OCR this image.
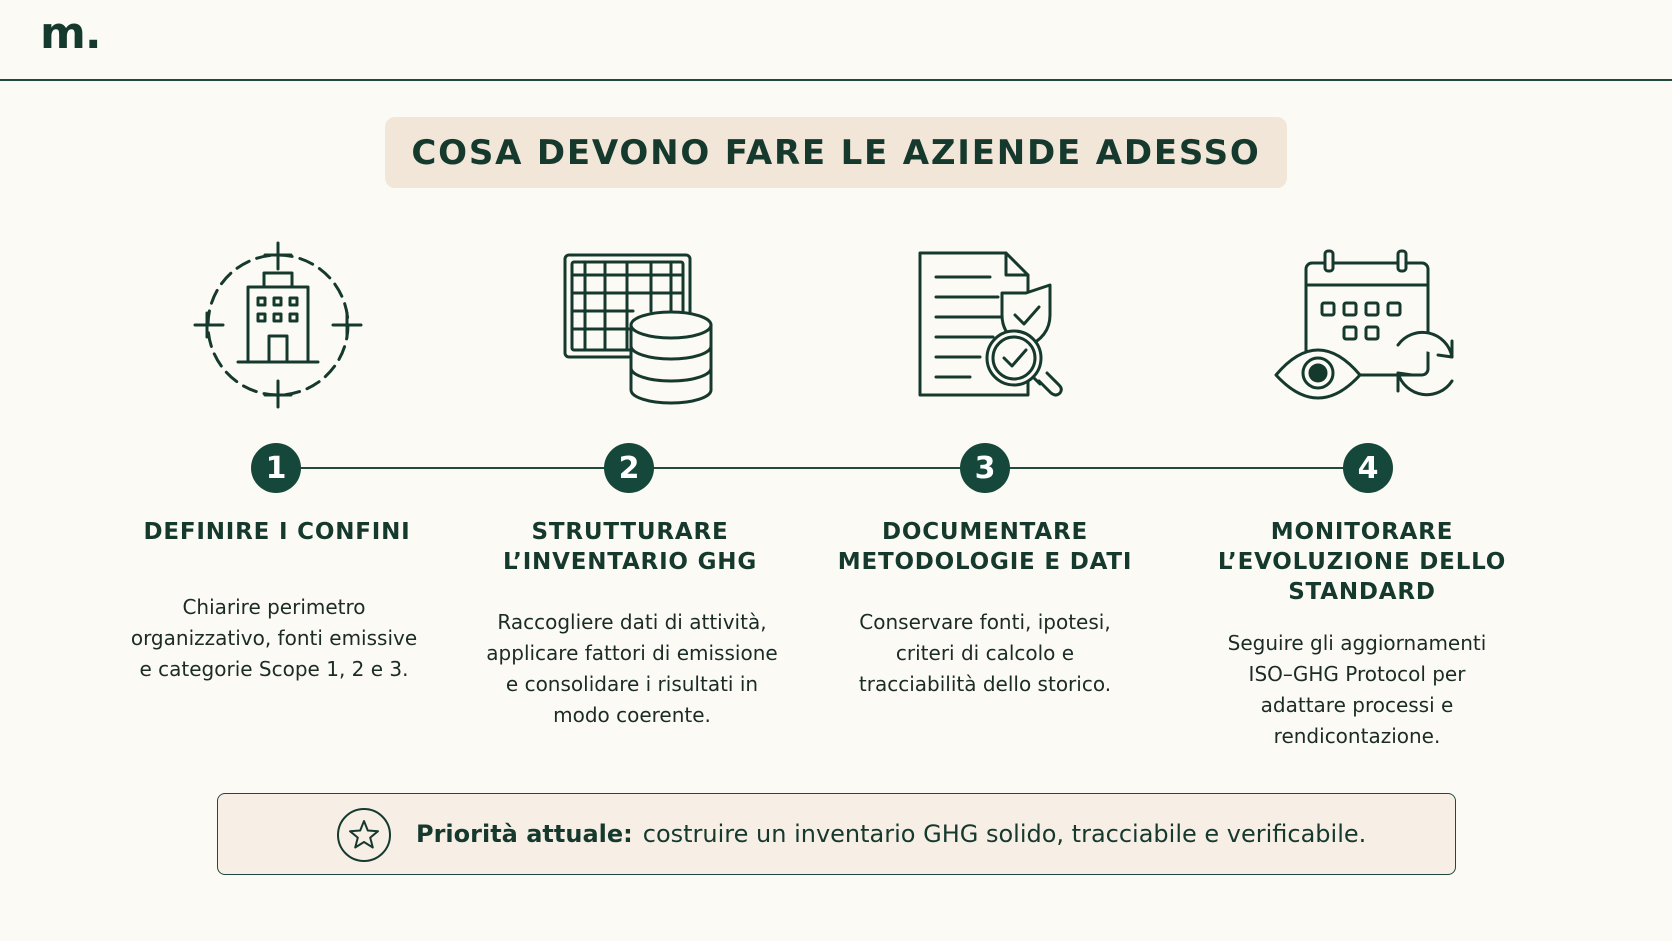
m.
COSA DEVONO FARE LE AZIENDE ADESSO
1	2	3	4
DEFINIRE I CONFINI	STRUTTURARE
L’INVENTARIO GHG
DOCUMENTARE
METODOLOGIE E DATI
MONITORARE
L’EVOLUZIONE DELLO
STANDARD
Chiarire perimetro
organizzativo, fonti emissive
e categorie Scope 1, 2 e 3.
Raccogliere dati di attività,
applicare fattori di emissione
e consolidare i risultati in
modo coerente.
Conservare fonti, ipotesi,
criteri di calcolo e
tracciabilità dello storico.
Seguire gli aggiornamenti
ISO–GHG Protocol per
adattare processi e
rendicontazione.
Priorità attuale: costruire un inventario GHG solido, tracciabile e verificabile.
